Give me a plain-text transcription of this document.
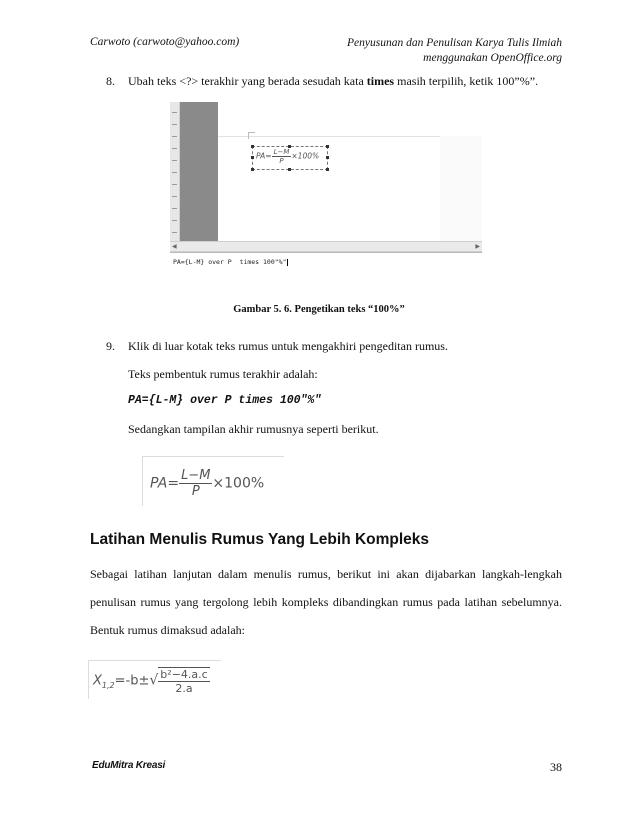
Carwoto (carwoto@yahoo.com)	Penyusunan dan Penulisan Karya Tulis Ilmiah
menggunakan OpenOffice.org
8. Ubah teks <?> terakhir yang berada sesudah kata times masih terpilih, ketik 100”%”.
$PA= \frac{L-M}{P} \times 100\%$
◀	▶
PA={L-M} over P  times 100"%"
Gambar 5. 6. Pengetikan teks “100%”
9. Klik di luar kotak teks rumus untuk mengakhiri pengeditan rumus.
Teks pembentuk rumus terakhir adalah:
PA={L-M} over P times 100"%"
Sedangkan tampilan akhir rumusnya seperti berikut.
$PA= \frac{L-M}{P} \times 100\%$
Latihan Menulis Rumus Yang Lebih Kompleks
Sebagai latihan lanjutan dalam menulis rumus, berikut ini akan dijabarkan langkah-lengkah penulisan rumus yang tergolong lebih kompleks dibandingkan rumus pada latihan sebelumnya. Bentuk rumus dimaksud adalah:
$X_{1,2}=-b\pm√ \frac{\text{b²−4.a.c}}{2.a}$
EduMitra Kreasi	38
